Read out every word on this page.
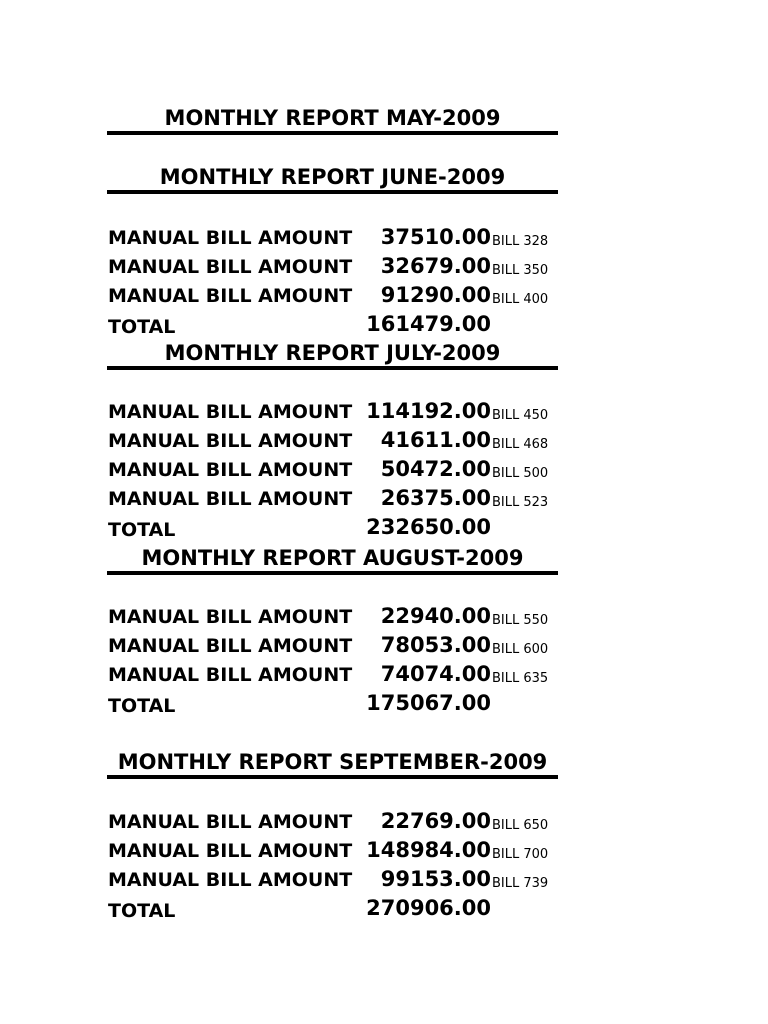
MONTHLY REPORT MAY-2009
MONTHLY REPORT JUNE-2009
MANUAL BILL AMOUNT	37510.00 BILL 328
MANUAL BILL AMOUNT	32679.00 BILL 350
MANUAL BILL AMOUNT	91290.00 BILL 400
TOTAL	161479.00
MONTHLY REPORT JULY-2009
MANUAL BILL AMOUNT 114192.00 BILL 450
MANUAL BILL AMOUNT	41611.00 BILL 468
MANUAL BILL AMOUNT	50472.00 BILL 500
MANUAL BILL AMOUNT	26375.00 BILL 523
TOTAL	232650.00
MONTHLY REPORT AUGUST-2009
MANUAL BILL AMOUNT	22940.00 BILL 550
MANUAL BILL AMOUNT	78053.00 BILL 600
MANUAL BILL AMOUNT	74074.00 BILL 635
TOTAL	175067.00
MONTHLY REPORT SEPTEMBER-2009
MANUAL BILL AMOUNT	22769.00 BILL 650
MANUAL BILL AMOUNT 148984.00 BILL 700
MANUAL BILL AMOUNT	99153.00 BILL 739
TOTAL	270906.00
